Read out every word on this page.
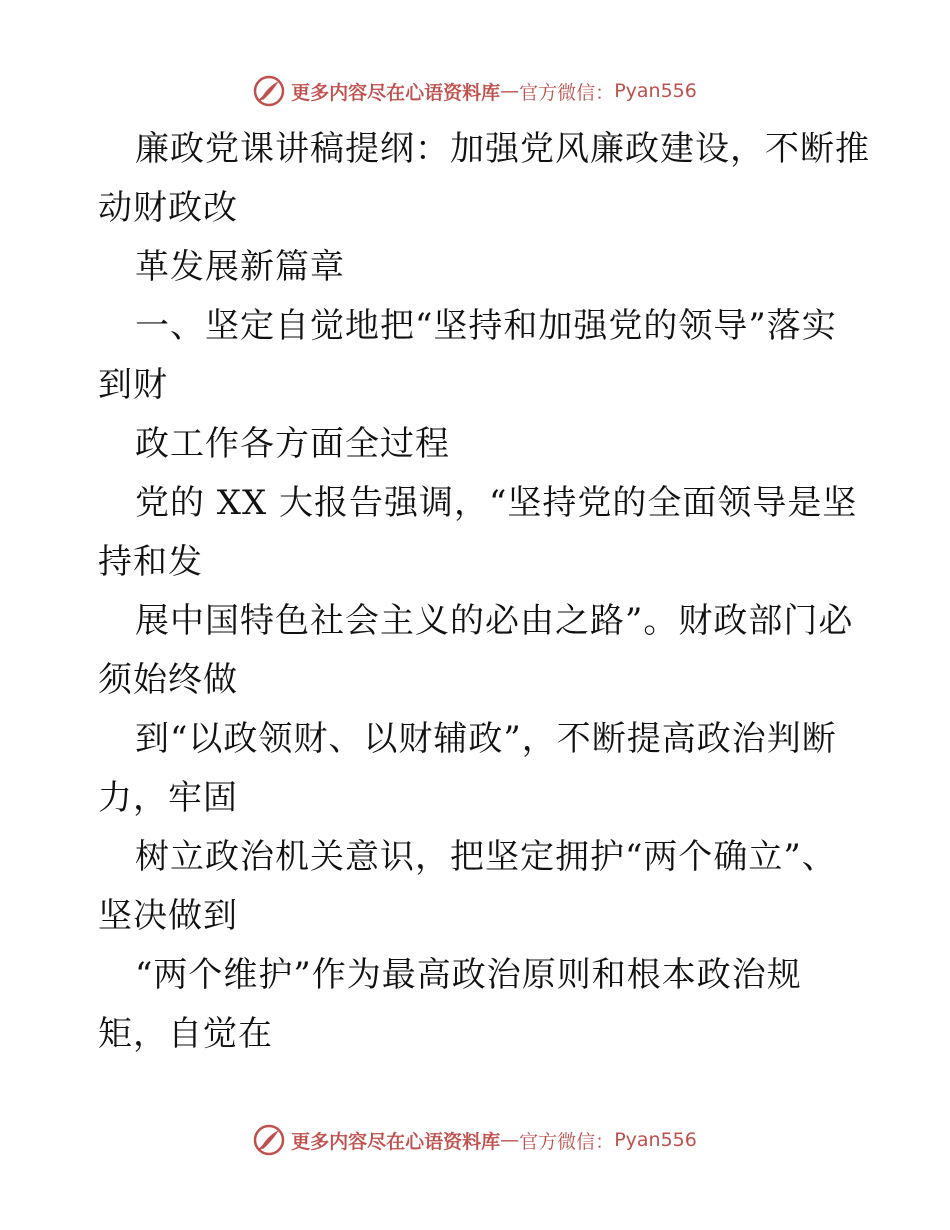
更多内容尽在心语资料库 — 官方微信： Pyan556
廉政党课讲稿提纲：加强党风廉政建设，不断推
动财政改
革发展新篇章
一、坚定自觉地把“坚持和加强党的领导”落实
到财
政工作各方面全过程
党的 XX 大报告强调，“坚持党的全面领导是坚
持和发
展中国特色社会主义的必由之路”。财政部门必
须始终做
到“以政领财、以财辅政”，不断提高政治判断
力，牢固
树立政治机关意识，把坚定拥护“两个确立”、
坚决做到
“两个维护”作为最高政治原则和根本政治规
矩，自觉在
更多内容尽在心语资料库 — 官方微信： Pyan556
